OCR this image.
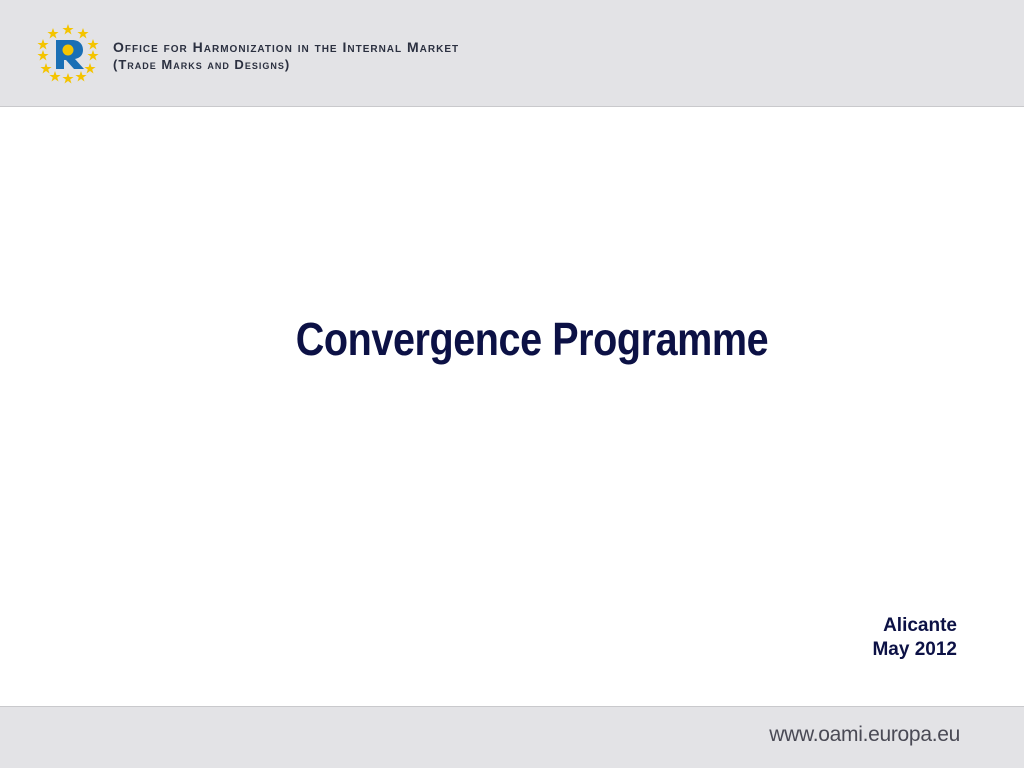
Office for Harmonization in the Internal Market
(Trade Marks and Designs)
Convergence Programme
Alicante
May 2012
www.oami.europa.eu
